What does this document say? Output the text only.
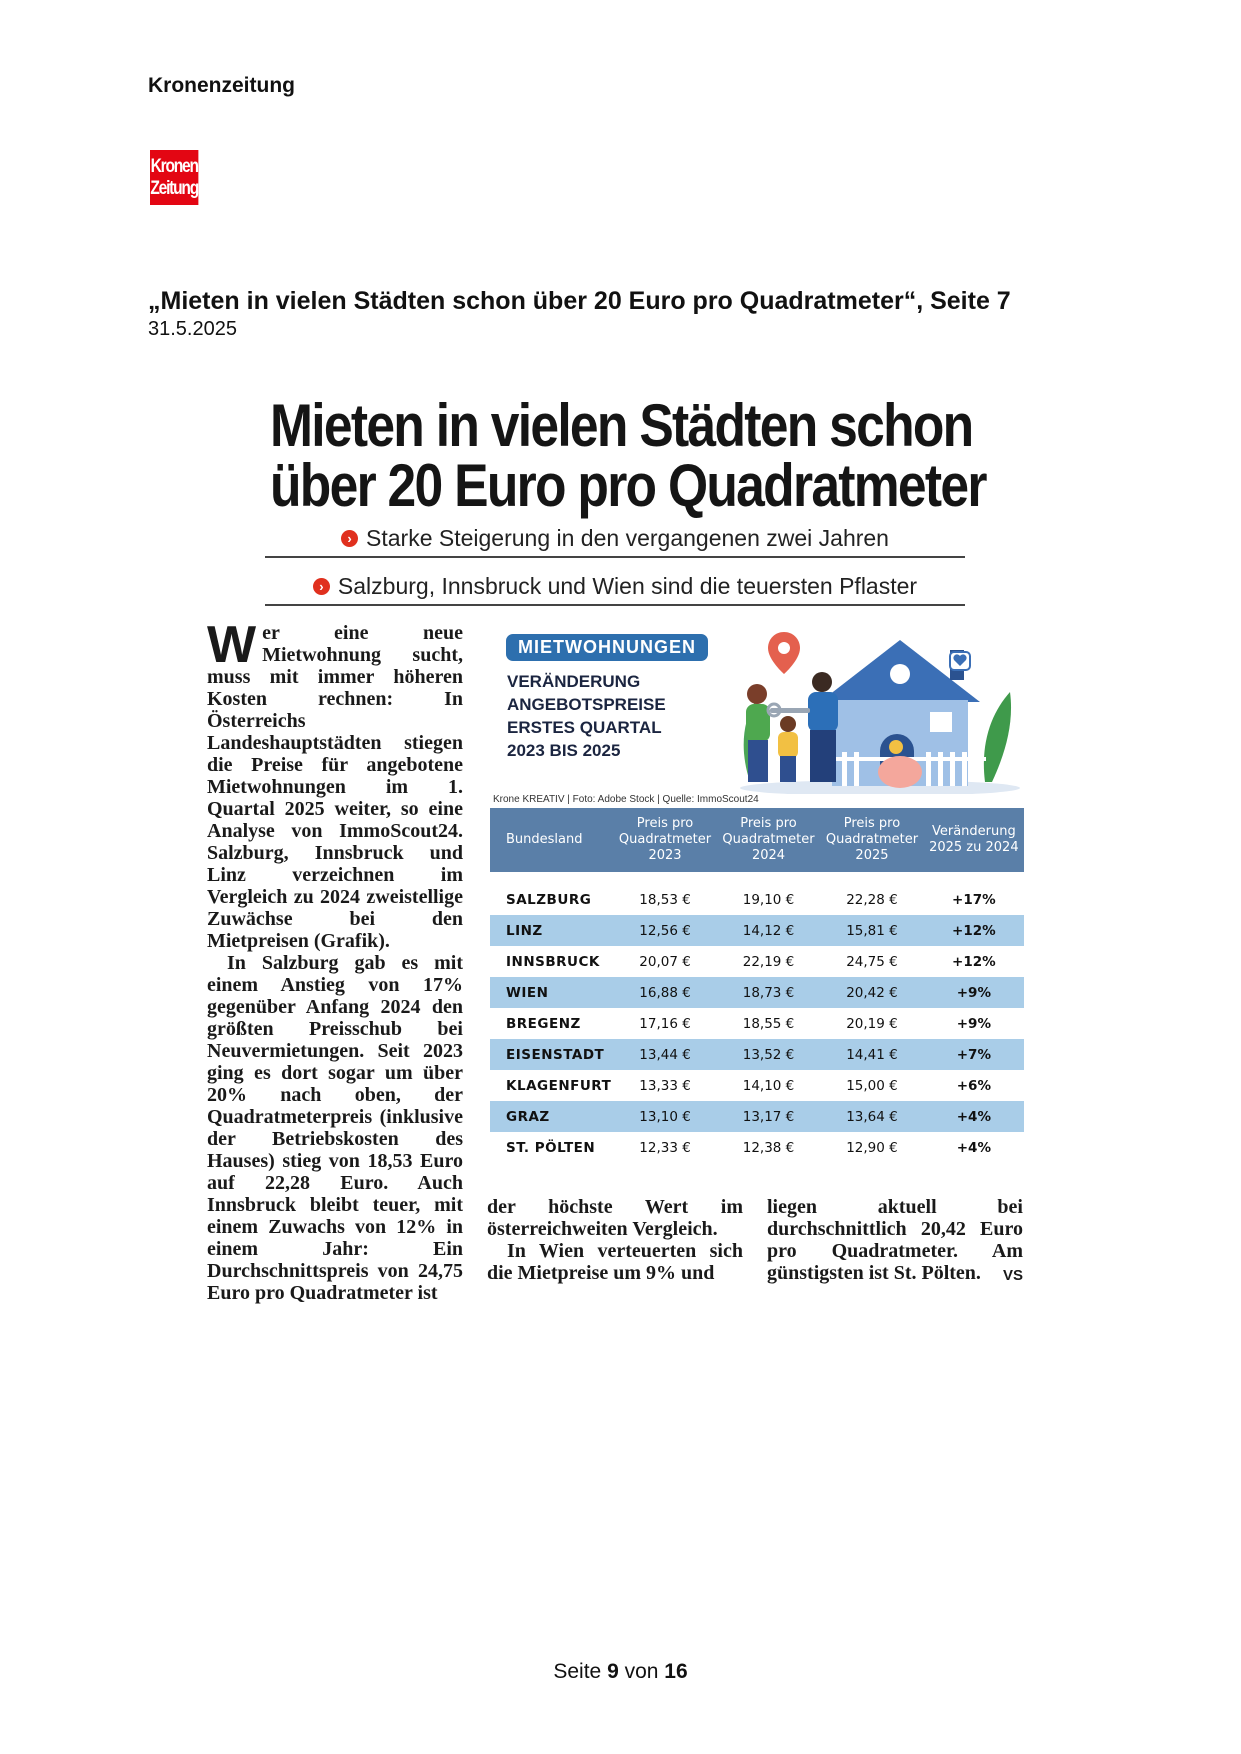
Kronenzeitung
Kronen
Zeitung
„Mieten in vielen Städten schon über 20 Euro pro Quadratmeter“, Seite 7
31.5.2025
Mieten in vielen Städten schon
über 20 Euro pro Quadratmeter
› Starke Steigerung in den vergangenen zwei Jahren
› Salzburg, Innsbruck und Wien sind die teuersten Pflaster

Wer eine neue Mietwohnung sucht, muss mit immer höheren Kosten rechnen: In Österreichs Landeshauptstädten stiegen die Preise für angebotene Mietwohnungen im 1. Quartal 2025 weiter, so eine Analyse von ImmoScout24. Salzburg, Innsbruck und Linz verzeichnen im Vergleich zu 2024 zweistellige Zuwächse bei den Mietpreisen (Grafik).

In Salzburg gab es mit einem Anstieg von 17% gegenüber Anfang 2024 den größten Preisschub bei Neuvermietungen. Seit 2023 ging es dort sogar um über 20% nach oben, der Quadratmeterpreis (inklusive der Betriebskosten des Hauses) stieg von 18,53 Euro auf 22,28 Euro. Auch Innsbruck bleibt teuer, mit einem Zuwachs von 12% in einem Jahr: Ein Durchschnittspreis von 24,75 Euro pro Quadratmeter ist

der höchste Wert im österreichweiten Vergleich.

In Wien verteuerten sich die Mietpreise um 9% und

liegen aktuell bei durchschnittlich 20,42 Euro pro Quadratmeter. Am günstigsten ist St. Pölten. VS

MIETWOHNUNGEN
VERÄNDERUNG
ANGEBOTSPREISE
ERSTES QUARTAL
2023 BIS 2025
Krone KREATIV | Foto: Adobe Stock | Quelle: ImmoScout24
Bundesland	Preis pro Quadratmeter 2023	Preis pro Quadratmeter 2024	Preis pro Quadratmeter 2025	Veränderung 2025 zu 2024

SALZBURG	18,53 €	19,10 €	22,28 €	+17%
LINZ	12,56 €	14,12 €	15,81 €	+12%
INNSBRUCK	20,07 €	22,19 €	24,75 €	+12%
WIEN	16,88 €	18,73 €	20,42 €	+9%
BREGENZ	17,16 €	18,55 €	20,19 €	+9%
EISENSTADT	13,44 €	13,52 €	14,41 €	+7%
KLAGENFURT	13,33 €	14,10 €	15,00 €	+6%
GRAZ	13,10 €	13,17 €	13,64 €	+4%
ST. PÖLTEN	12,33 €	12,38 €	12,90 €	+4%
Seite 9 von 16
